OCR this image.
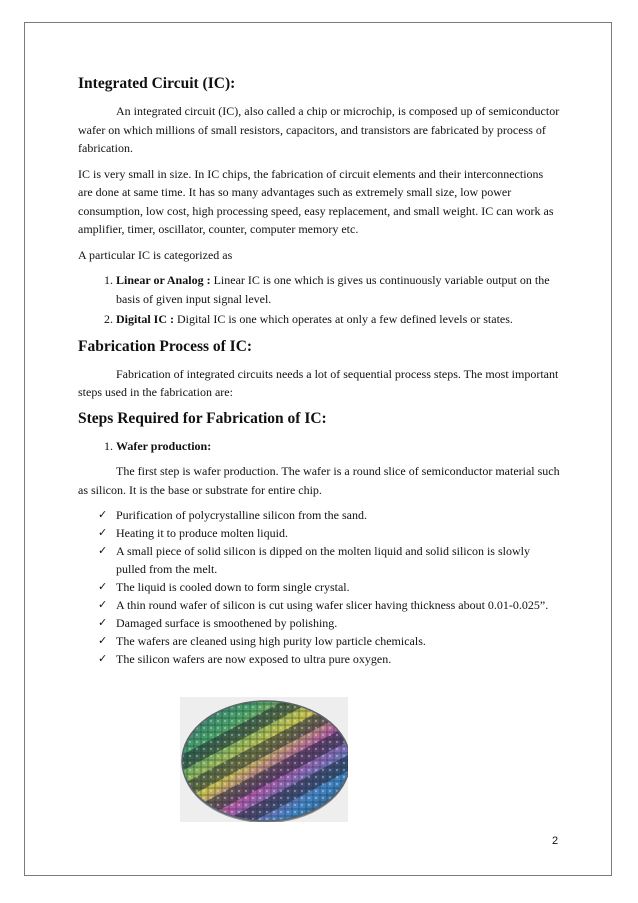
Integrated Circuit (IC):

An integrated circuit (IC), also called a chip or microchip, is composed up of semiconductor wafer on which millions of small resistors, capacitors, and transistors are fabricated by process of fabrication.

IC is very small in size. In IC chips, the fabrication of circuit elements and their interconnections are done at same time. It has so many advantages such as extremely small size, low power consumption, low cost, high processing speed, easy replacement, and small weight. IC can work as amplifier, timer, oscillator, counter, computer memory etc.

A particular IC is categorized as

1. Linear or Analog : Linear IC is one which is gives us continuously variable output on the basis of given input signal level.
2. Digital IC : Digital IC is one which operates at only a few defined levels or states.
Fabrication Process of IC:

Fabrication of integrated circuits needs a lot of sequential process steps. The most important steps used in the fabrication are:

Steps Required for Fabrication of IC:
1. Wafer production:

The first step is wafer production. The wafer is a round slice of semiconductor material such as silicon. It is the base or substrate for entire chip.

✓ Purification of polycrystalline silicon from the sand.
✓ Heating it to produce molten liquid.
✓ A small piece of solid silicon is dipped on the molten liquid and solid silicon is slowly pulled from the melt.
✓ The liquid is cooled down to form single crystal.
✓ A thin round wafer of silicon is cut using wafer slicer having thickness about 0.01-0.025”.
✓ Damaged surface is smoothened by polishing.
✓ The wafers are cleaned using high purity low particle chemicals.
✓ The silicon wafers are now exposed to ultra pure oxygen.
2
